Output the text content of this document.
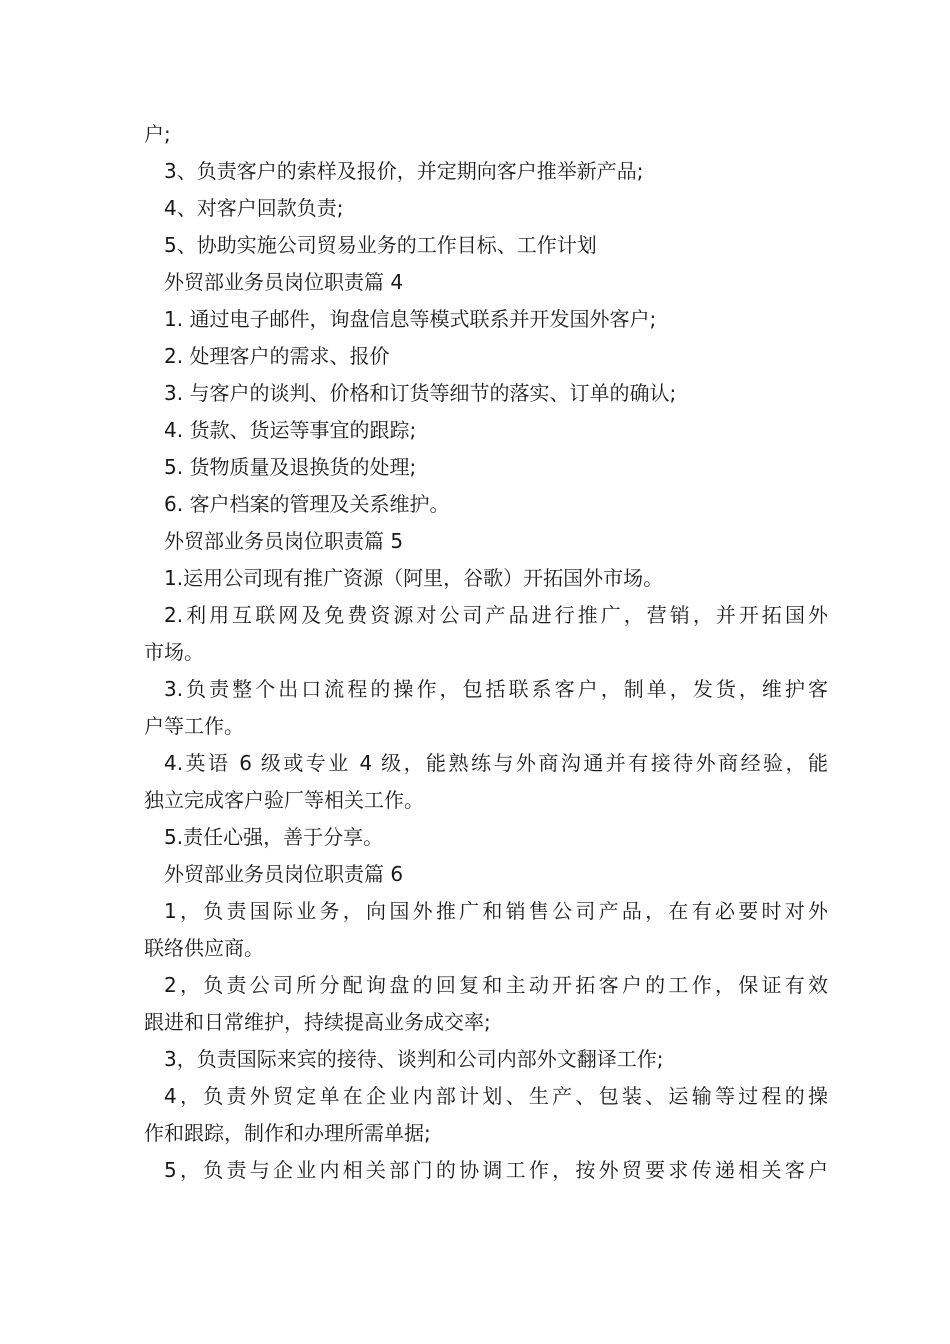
户;
3、负责客户的索样及报价，并定期向客户推举新产品;
4、对客户回款负责;
5、协助实施公司贸易业务的工作目标、工作计划
外贸部业务员岗位职责篇 4
1. 通过电子邮件，询盘信息等模式联系并开发国外客户;
2. 处理客户的需求、报价
3. 与客户的谈判、价格和订货等细节的落实、订单的确认;
4. 货款、货运等事宜的跟踪;
5. 货物质量及退换货的处理;
6. 客户档案的管理及关系维护。
外贸部业务员岗位职责篇 5
1.运用公司现有推广资源（阿里，谷歌）开拓国外市场。
2.利用互联网及免费资源对公司产品进行推广，营销，并开拓国外
市场。
3.负责整个出口流程的操作，包括联系客户，制单，发货，维护客
户等工作。
4.英语 6 级或专业 4 级，能熟练与外商沟通并有接待外商经验，能
独立完成客户验厂等相关工作。
5.责任心强，善于分享。
外贸部业务员岗位职责篇 6
1，负责国际业务，向国外推广和销售公司产品，在有必要时对外
联络供应商。
2，负责公司所分配询盘的回复和主动开拓客户的工作，保证有效
跟进和日常维护，持续提高业务成交率;
3，负责国际来宾的接待、谈判和公司内部外文翻译工作;
4，负责外贸定单在企业内部计划、生产、包装、运输等过程的操
作和跟踪，制作和办理所需单据;
5，负责与企业内相关部门的协调工作，按外贸要求传递相关客户
